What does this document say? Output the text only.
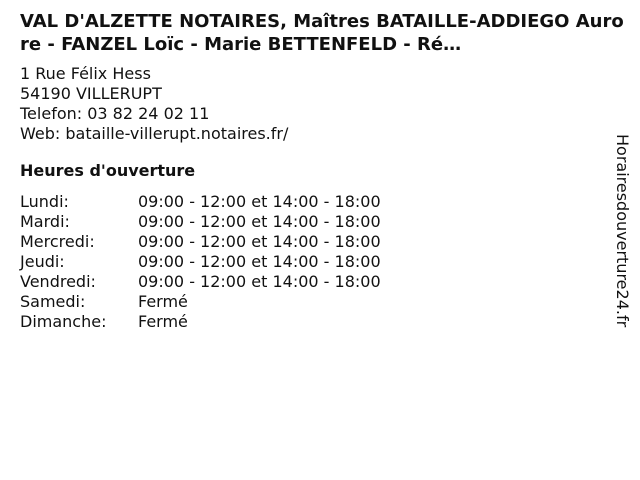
VAL D'ALZETTE NOTAIRES, Maîtres BATAILLE-ADDIEGO Aurore - FANZEL Loïc - Marie BETTENFELD - Ré…
1 Rue Félix Hess
54190 VILLERUPT
Telefon: 03 82 24 02 11
Web: bataille-villerupt.notaires.fr/
Heures d'ouverture
Lundi:	09:00 - 12:00 et 14:00 - 18:00
Mardi:	09:00 - 12:00 et 14:00 - 18:00
Mercredi:	09:00 - 12:00 et 14:00 - 18:00
Jeudi:	09:00 - 12:00 et 14:00 - 18:00
Vendredi:	09:00 - 12:00 et 14:00 - 18:00
Samedi:	Fermé
Dimanche:	Fermé	Horairesdouverture24.fr
